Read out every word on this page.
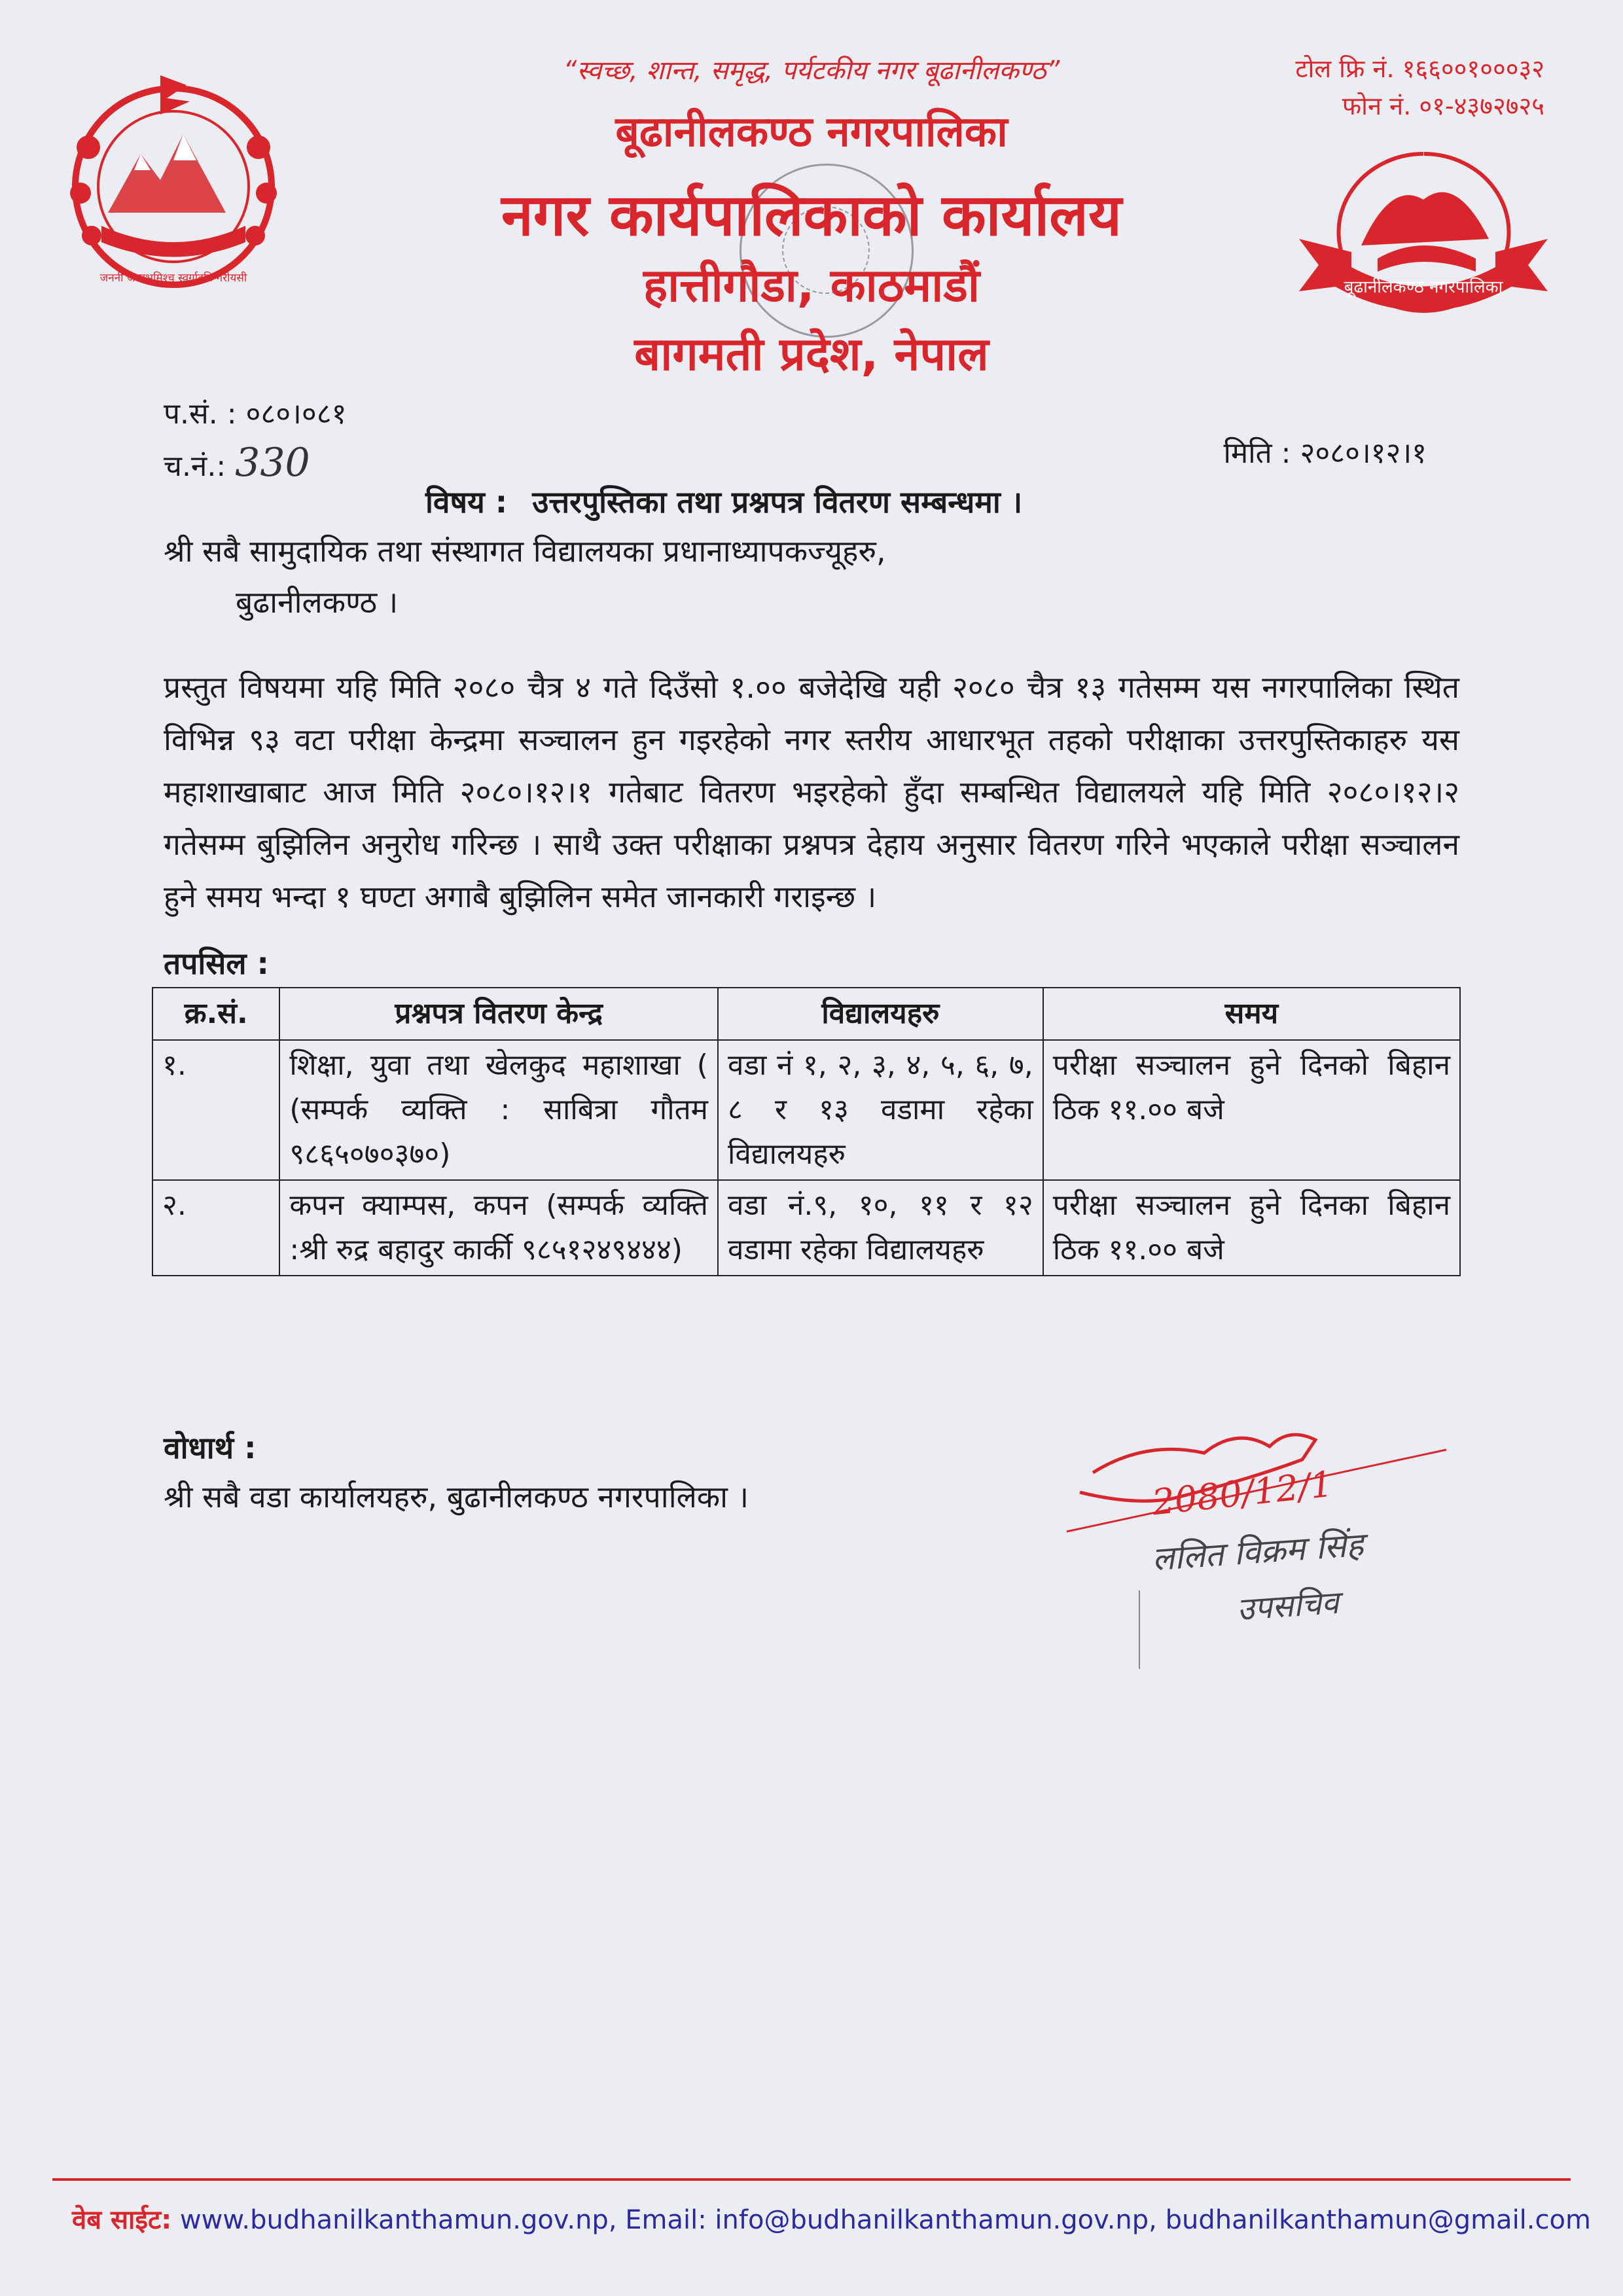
जननी जन्मभूमिश्च स्वर्गादपि गरीयसी	बूढानीलकण्ठ नगरपालिका
“स्वच्छ, शान्त, समृद्ध, पर्यटकीय नगर बूढानीलकण्ठ”
बूढानीलकण्ठ नगरपालिका
नगर कार्यपालिकाको कार्यालय
हात्तीगौडा, काठमाडौं
बागमती प्रदेश, नेपाल
टोल फ्रि नं. १६६००१०००३२
फोन नं. ०१-४३७२७२५
प.सं. : ०८०।०८१
च.नं.: 330	मिति : २०८०।१२।१
विषय : उत्तरपुस्तिका तथा प्रश्नपत्र वितरण सम्बन्धमा ।
श्री सबै सामुदायिक तथा संस्थागत विद्यालयका प्रधानाध्यापकज्यूहरु,
बुढानीलकण्ठ ।
प्रस्तुत विषयमा यहि मिति २०८० चैत्र ४ गते दिउँसो १.०० बजेदेखि यही २०८० चैत्र १३ गतेसम्म यस नगरपालिका स्थित विभिन्न ९३ वटा परीक्षा केन्द्रमा सञ्चालन हुन गइरहेको नगर स्तरीय आधारभूत तहको परीक्षाका उत्तरपुस्तिकाहरु यस महाशाखाबाट आज मिति २०८०।१२।१ गतेबाट वितरण भइरहेको हुँदा सम्बन्धित विद्यालयले यहि मिति २०८०।१२।२ गतेसम्म बुझिलिन अनुरोध गरिन्छ । साथै उक्त परीक्षाका प्रश्नपत्र देहाय अनुसार वितरण गरिने भएकाले परीक्षा सञ्चालन हुने समय भन्दा १ घण्टा अगाबै बुझिलिन समेत जानकारी गराइन्छ ।
तपसिल :
क्र.सं.	प्रश्नपत्र वितरण केन्द्र	विद्यालयहरु	समय
१.	शिक्षा, युवा तथा खेलकुद महाशाखा ( (सम्पर्क व्यक्ति : साबित्रा गौतम ९८६५०७०३७०)	वडा नं १, २, ३, ४, ५, ६, ७, ८ र १३ वडामा रहेका विद्यालयहरु	परीक्षा सञ्चालन हुने दिनको बिहान ठिक ११.०० बजे
२.	कपन क्याम्पस, कपन (सम्पर्क व्यक्ति :श्री रुद्र बहादुर कार्की ९८५१२४९४४४)	वडा नं.९, १०, ११ र १२ वडामा रहेका विद्यालयहरु	परीक्षा सञ्चालन हुने दिनका बिहान ठिक ११.०० बजे
वोधार्थ :
श्री सबै वडा कार्यालयहरु, बुढानीलकण्ठ नगरपालिका ।	2080/12/1
ललित विक्रम सिंह
उपसचिव
वेब साईट: www.budhanilkanthamun.gov.np, Email: info@budhanilkanthamun.gov.np, budhanilkanthamun@gmail.com
